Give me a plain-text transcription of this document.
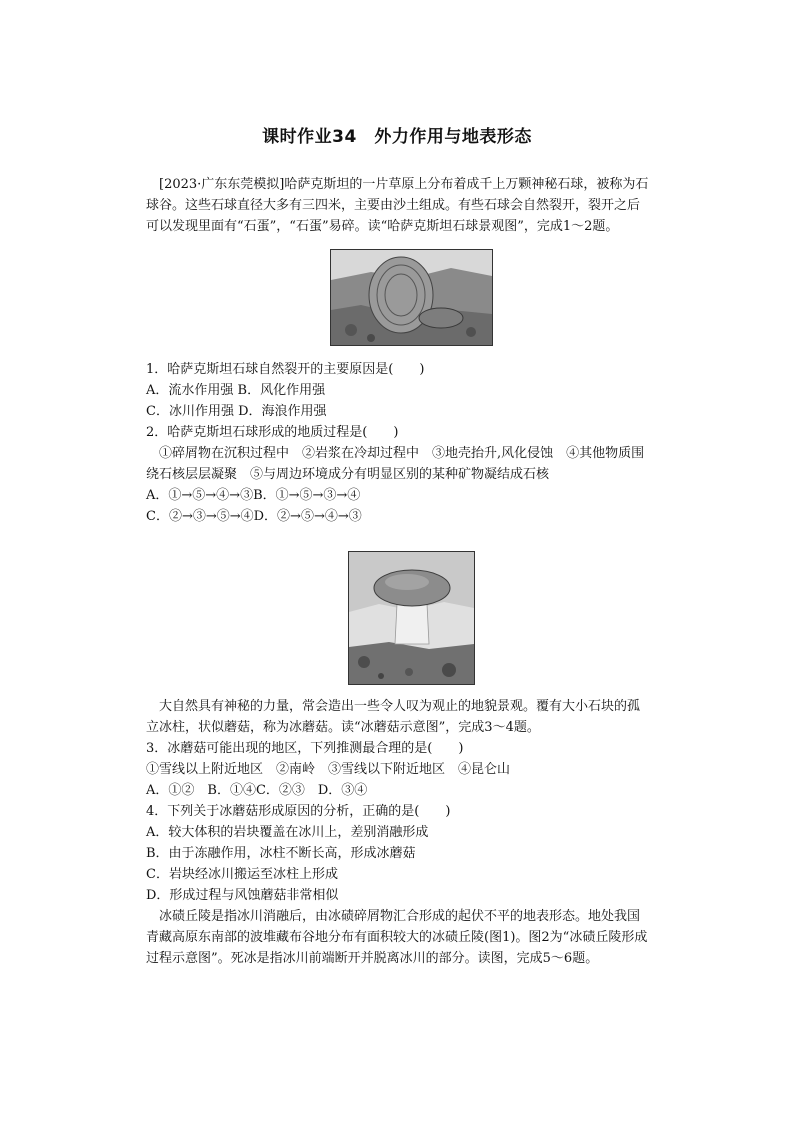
课时作业34　外力作用与地表形态
[2023·广东东莞模拟]哈萨克斯坦的一片草原上分布着成千上万颗神秘石球，被称为石球谷。这些石球直径大多有三四米，主要由沙土组成。有些石球会自然裂开，裂开之后可以发现里面有“石蛋”，“石蛋”易碎。读“哈萨克斯坦石球景观图”，完成1～2题。
1．哈萨克斯坦石球自然裂开的主要原因是(　　)
A．流水作用强 B．风化作用强
C．冰川作用强 D．海浪作用强
2．哈萨克斯坦石球形成的地质过程是(　　)
①碎屑物在沉积过程中　②岩浆在冷却过程中　③地壳抬升,风化侵蚀　④其他物质围绕石核层层凝聚　⑤与周边环境成分有明显区别的某种矿物凝结成石核
A．①→⑤→④→③B．①→⑤→③→④
C．②→③→⑤→④D．②→⑤→④→③
大自然具有神秘的力量，常会造出一些令人叹为观止的地貌景观。覆有大小石块的孤立冰柱，状似蘑菇，称为冰蘑菇。读“冰蘑菇示意图”，完成3～4题。
3．冰蘑菇可能出现的地区，下列推测最合理的是(　　)
①雪线以上附近地区　②南岭　③雪线以下附近地区　④昆仑山
A．①②　B．①④C．②③　D．③④
4．下列关于冰蘑菇形成原因的分析，正确的是(　　)
A．较大体积的岩块覆盖在冰川上，差别消融形成
B．由于冻融作用，冰柱不断长高，形成冰蘑菇
C．岩块经冰川搬运至冰柱上形成
D．形成过程与风蚀蘑菇非常相似
冰碛丘陵是指冰川消融后，由冰碛碎屑物汇合形成的起伏不平的地表形态。地处我国青藏高原东南部的波堆藏布谷地分布有面积较大的冰碛丘陵(图1)。图2为“冰碛丘陵形成过程示意图”。死冰是指冰川前端断开并脱离冰川的部分。读图，完成5～6题。
